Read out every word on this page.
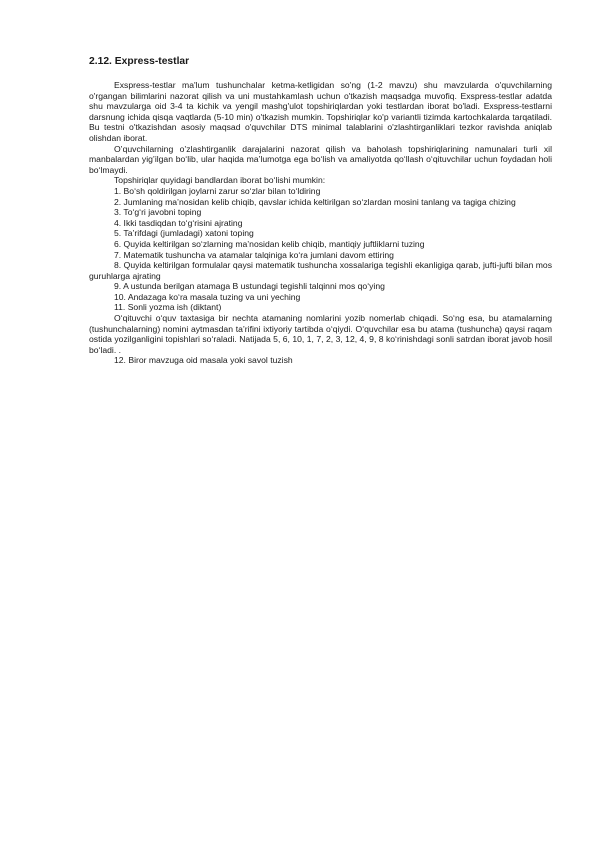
2.12. Express-testlar

Exspress-testlar ma'lum tushunchalar ketma-ketligidan so'ng (1-2 mavzu) shu mavzularda o'quvchilarning o'rgangan bilimlarini nazorat qilish va uni mustahkamlash uchun o'tkazish maqsadga muvofiq. Exspress-testlar adatda shu mavzularga oid 3-4 ta kichik va yengil mashg'ulot topshiriqlardan yoki testlardan iborat bo'ladi. Exspress-testlarni darsnung ichida qisqa vaqtlarda (5-10 min) o'tkazish mumkin. Topshiriqlar ko'p variantli tizimda kartochkalarda tarqatiladi. Bu testni o'tkazishdan asosiy maqsad o'quvchilar DTS minimal talablarini o'zlashtirganliklari tezkor ravishda aniqlab olishdan iborat.

O’quvchilarning o’zlashtirganlik darajalarini nazorat qilish va baholash topshiriqlarining namunalari turli xil manbalardan yig’ilgan bo‘lib, ular haqida ma’lumotga ega bo‘lish va amaliyotda qo‘llash o‘qituvchilar uchun foydadan holi bo‘lmaydi.

Topshiriqlar quyidagi bandlardan iborat bo‘lishi mumkin:

1. Bo‘sh qoldirilgan joylarni zarur so‘zlar bilan to‘ldiring

2. Jumlaning ma’nosidan kelib chiqib, qavslar ichida keltirilgan so‘zlardan mosini tanlang va tagiga chizing

3. To‘g‘ri javobni toping

4. Ikki tasdiqdan to‘g‘risini ajrating

5. Ta’rifdagi (jumladagi) xatoni toping

6. Quyida keltirilgan so‘zlarning ma’nosidan kelib chiqib, mantiqiy juftliklarni tuzing

7. Matematik tushuncha va atamalar talqiniga ko‘ra jumlani davom ettiring

8. Quyida keltirilgan formulalar qaysi matematik tushuncha xossalariga tegishli ekanligiga qarab, jufti-jufti bilan mos guruhlarga ajrating

9. A ustunda berilgan atamaga B ustundagi tegishli talqinni mos qo‘ying

10. Andazaga ko‘ra masala tuzing va uni yeching

11. Sonli yozma ish (diktant)

O‘qituvchi o‘quv taxtasiga bir nechta atamaning nomlarini yozib nomerlab chiqadi. So‘ng esa, bu atamalarning (tushunchalarning) nomini aytmasdan ta’rifini ixtiyoriy tartibda o‘qiydi. O‘quvchilar esa bu atama (tushuncha) qaysi raqam ostida yozilganligini topishlari so‘raladi. Natijada 5, 6, 10, 1, 7, 2, 3, 12, 4, 9, 8 ko‘rinishdagi sonli satrdan iborat javob hosil bo‘ladi. .

12. Biror mavzuga oid masala yoki savol tuzish
